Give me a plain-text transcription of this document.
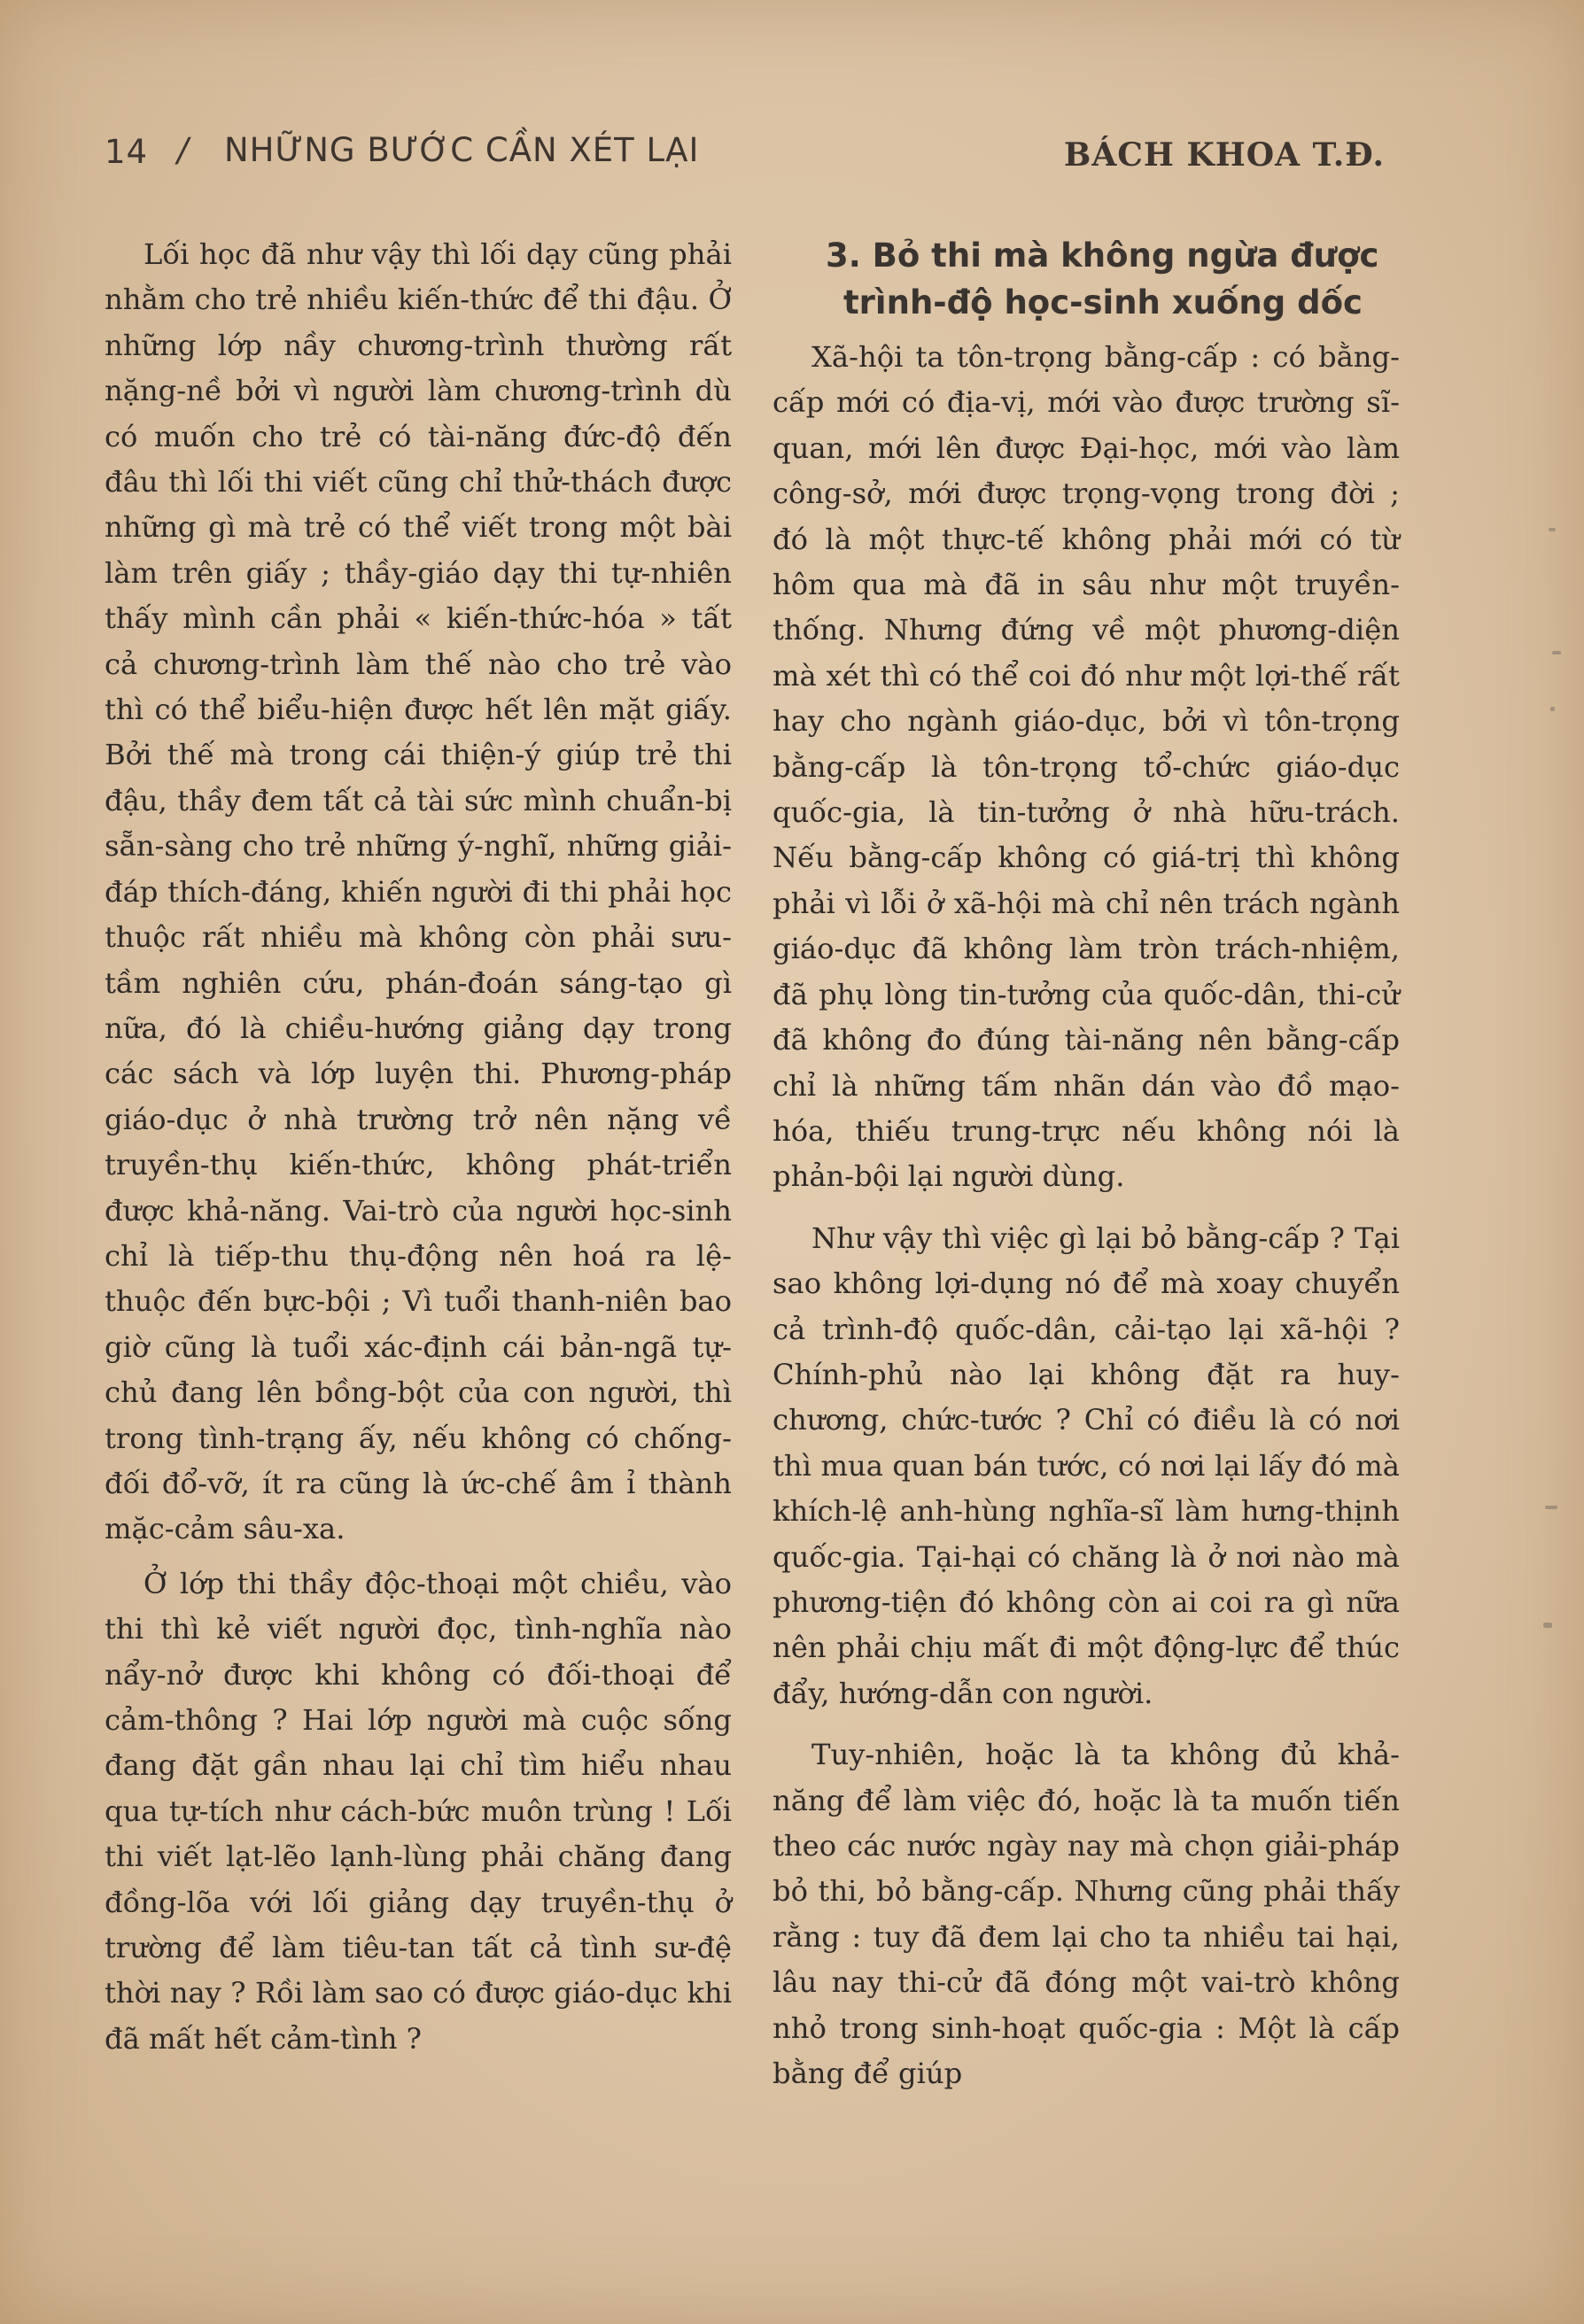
14 / NHỮNG BƯỚC CẦN XÉT LẠI	BÁCH KHOA T.Đ.

Lối học đã như vậy thì lối dạy cũng phải nhằm cho trẻ nhiều kiến-thức để thi đậu. Ở những lớp nầy chương-trình thường rất nặng-nề bởi vì người làm chương-trình dù có muốn cho trẻ có tài-năng đức-độ đến đâu thì lối thi viết cũng chỉ thử-thách được những gì mà trẻ có thể viết trong một bài làm trên giấy ; thầy-giáo dạy thi tự-nhiên thấy mình cần phải « kiến-thức-hóa » tất cả chương-trình làm thế nào cho trẻ vào thì có thể biểu-hiện được hết lên mặt giấy. Bởi thế mà trong cái thiện-ý giúp trẻ thi đậu, thầy đem tất cả tài sức mình chuẩn-bị sẵn-sàng cho trẻ những ý-nghĩ, những giải-đáp thích-đáng, khiến người đi thi phải học thuộc rất nhiều mà không còn phải sưu-tầm nghiên cứu, phán-đoán sáng-tạo gì nữa, đó là chiều-hướng giảng dạy trong các sách và lớp luyện thi. Phương-pháp giáo-dục ở nhà trường trở nên nặng về truyền-thụ kiến-thức, không phát-triển được khả-năng. Vai-trò của người học-sinh chỉ là tiếp-thu thụ-động nên hoá ra lệ-thuộc đến bực-bội ; Vì tuổi thanh-niên bao giờ cũng là tuổi xác-định cái bản-ngã tự-chủ đang lên bồng-bột của con người, thì trong tình-trạng ấy, nếu không có chống-đối đổ-vỡ, ít ra cũng là ức-chế âm ỉ thành mặc-cảm sâu-xa.

Ở lớp thi thầy độc-thoại một chiều, vào thi thì kẻ viết người đọc, tình-nghĩa nào nẩy-nở được khi không có đối-thoại để cảm-thông ? Hai lớp người mà cuộc sống đang đặt gần nhau lại chỉ tìm hiểu nhau qua tự-tích như cách-bức muôn trùng ! Lối thi viết lạt-lẽo lạnh-lùng phải chăng đang đồng-lõa với lối giảng dạy truyền-thụ ở trường để làm tiêu-tan tất cả tình sư-đệ thời nay ? Rồi làm sao có được giáo-dục khi đã mất hết cảm-tình ?

3. Bỏ thi mà không ngừa được
trình-độ học-sinh xuống dốc

Xã-hội ta tôn-trọng bằng-cấp : có bằng-cấp mới có địa-vị, mới vào được trường sĩ-quan, mới lên được Đại-học, mới vào làm công-sở, mới được trọng-vọng trong đời ; đó là một thực-tế không phải mới có từ hôm qua mà đã in sâu như một truyền-thống. Nhưng đứng về một phương-diện mà xét thì có thể coi đó như một lợi-thế rất hay cho ngành giáo-dục, bởi vì tôn-trọng bằng-cấp là tôn-trọng tổ-chức giáo-dục quốc-gia, là tin-tưởng ở nhà hữu-trách. Nếu bằng-cấp không có giá-trị thì không phải vì lỗi ở xã-hội mà chỉ nên trách ngành giáo-dục đã không làm tròn trách-nhiệm, đã phụ lòng tin-tưởng của quốc-dân, thi-cử đã không đo đúng tài-năng nên bằng-cấp chỉ là những tấm nhãn dán vào đồ mạo-hóa, thiếu trung-trực nếu không nói là phản-bội lại người dùng.

Như vậy thì việc gì lại bỏ bằng-cấp ? Tại sao không lợi-dụng nó để mà xoay chuyển cả trình-độ quốc-dân, cải-tạo lại xã-hội ? Chính-phủ nào lại không đặt ra huy-chương, chức-tước ? Chỉ có điều là có nơi thì mua quan bán tước, có nơi lại lấy đó mà khích-lệ anh-hùng nghĩa-sĩ làm hưng-thịnh quốc-gia. Tại-hại có chăng là ở nơi nào mà phương-tiện đó không còn ai coi ra gì nữa nên phải chịu mất đi một động-lực để thúc đẩy, hướng-dẫn con người.

Tuy-nhiên, hoặc là ta không đủ khả-năng để làm việc đó, hoặc là ta muốn tiến theo các nước ngày nay mà chọn giải-pháp bỏ thi, bỏ bằng-cấp. Nhưng cũng phải thấy rằng : tuy đã đem lại cho ta nhiều tai hại, lâu nay thi-cử đã đóng một vai-trò không nhỏ trong sinh-hoạt quốc-gia : Một là cấp bằng để giúp
